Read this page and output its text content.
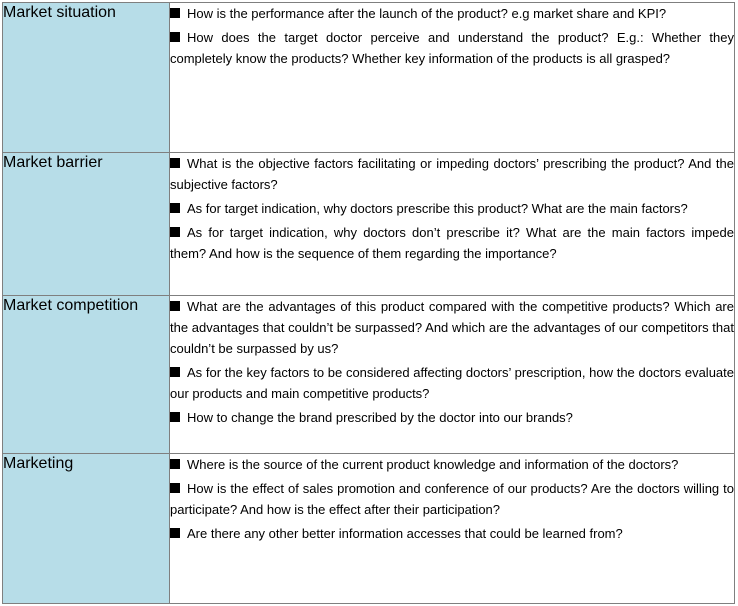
Market situation	How is the performance after the launch of the product? e.g market share and KPI?

How does the target doctor perceive and understand the product? E.g.: Whether they completely know the products? Whether key information of the products is all grasped?

Market barrier	What is the objective factors facilitating or impeding doctors’ prescribing the product? And the subjective factors?

As for target indication, why doctors prescribe this product? What are the main factors?

As for target indication, why doctors don’t prescribe it? What are the main factors impede them? And how is the sequence of them regarding the importance?

Market competition	What are the advantages of this product compared with the competitive products? Which are the advantages that couldn’t be surpassed? And which are the advantages of our competitors that couldn’t be surpassed by us?

As for the key factors to be considered affecting doctors’ prescription, how the doctors evaluate our products and main competitive products?

How to change the brand prescribed by the doctor into our brands?

Marketing	Where is the source of the current product knowledge and information of the doctors?

How is the effect of sales promotion and conference of our products? Are the doctors willing to participate? And how is the effect after their participation?

Are there any other better information accesses that could be learned from?
